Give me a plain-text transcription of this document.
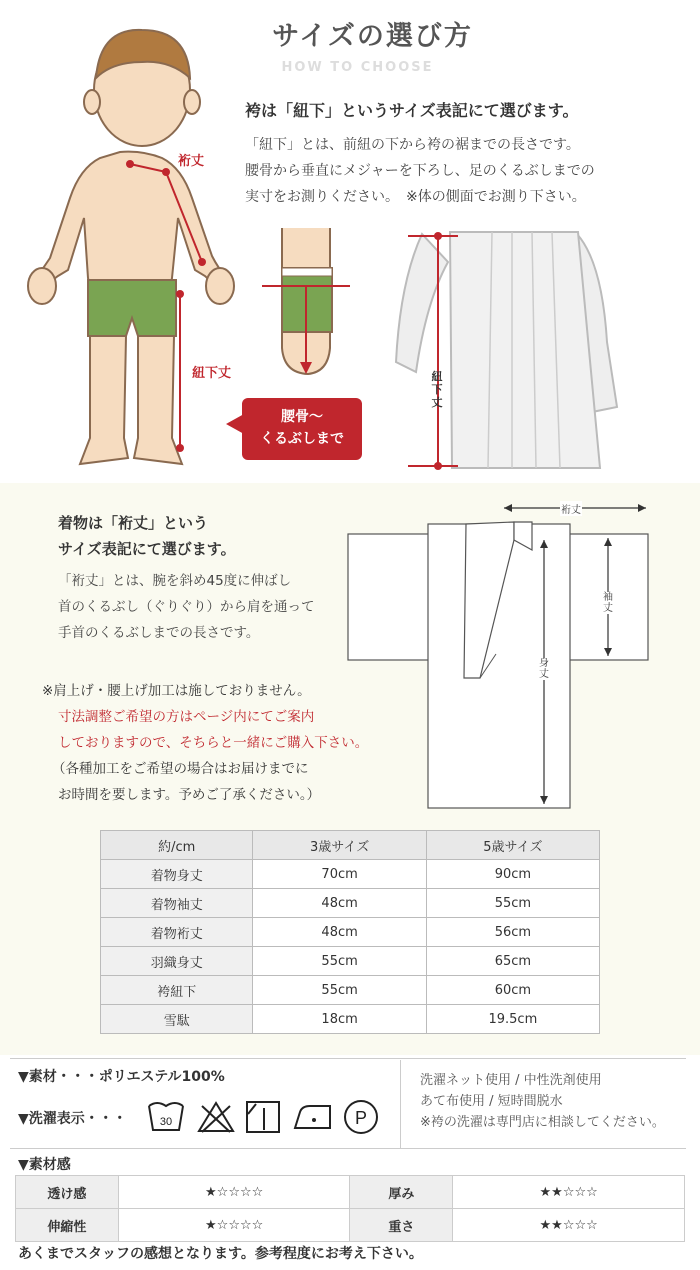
サイズの選び方
HOW TO CHOOSE
裄丈
紐下丈
腰骨～
くるぶしまで
袴は「紐下」というサイズ表記にて選びます。
「紐下」とは、前紐の下から袴の裾までの長さです。
腰骨から垂直にメジャーを下ろし、足のくるぶしまでの
実寸をお測りください。　※体の側面でお測り下さい。
紐
下
丈
着物は「裄丈」という
サイズ表記にて選びます。
「裄丈」とは、腕を斜め45度に伸ばし
首のくるぶし（ぐりぐり）から肩を通って
手首のくるぶしまでの長さです。
※肩上げ・腰上げ加工は施しておりません。
寸法調整ご希望の方はページ内にてご案内
しておりますので、そちらと一緒にご購入下さい。
（各種加工をご希望の場合はお届けまでに
お時間を要します。予めご了承ください。）
裄丈
袖
丈
身
丈
約/cm	3歳サイズ	5歳サイズ
着物身丈	70cm	90cm
着物袖丈	48cm	55cm
着物裄丈	48cm	56cm
羽織身丈	55cm	65cm
袴紐下	55cm	60cm
雪駄	18cm	19.5cm
▼素材・・・ポリエステル100%
▼洗濯表示・・・	30	P
洗濯ネット使用 / 中性洗剤使用
あて布使用 / 短時間脱水
※袴の洗濯は専門店に相談してください。
▼素材感
透け感	★☆☆☆☆	厚み	★★☆☆☆
伸縮性	★☆☆☆☆	重さ	★★☆☆☆
あくまでスタッフの感想となります。参考程度にお考え下さい。
